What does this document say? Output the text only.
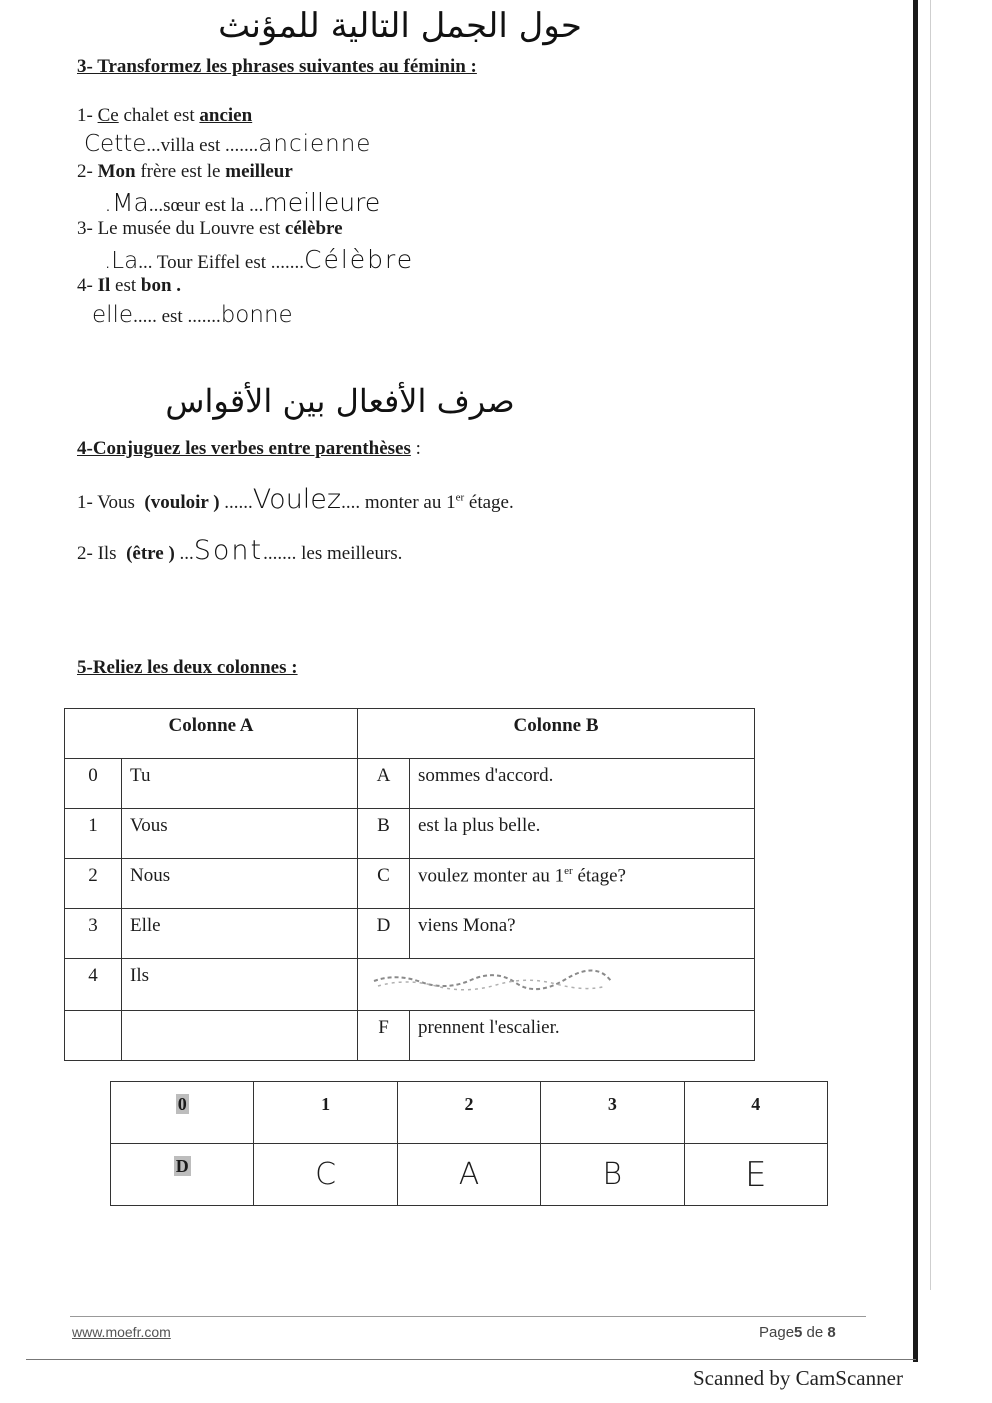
حول الجمل التالية للمؤنث
3- Transformez les phrases suivantes au féminin :
1- Ce chalet est ancien
Cette...villa est .......ancienne
2- Mon frère est le meilleur
.Ma...sœur est la ...meilleure
3- Le musée du Louvre est célèbre
.La... Tour Eiffel est .......Célèbre
4- Il est bon .
elle..... est .......bonne
صرف الأفعال بين الأقواس
4-Conjuguez les verbes entre parenthèses :
1- Vous (vouloir ) ......Voulez.... monter au 1er étage.
2- Ils (être ) ...Sont....... les meilleurs.
5-Reliez les deux colonnes :
Colonne A		Colonne B	
0	Tu	A	sommes d'accord.
1	Vous	B	est la plus belle.
2	Nous	C	voulez monter au 1er étage?
3	Elle	D	viens Mona?
4	Ils	
		F	prennent l'escalier.
0	1	2	3	4
D	C	A	B	E
www.moefr.com	Page5 de 8
Scanned by CamScanner
